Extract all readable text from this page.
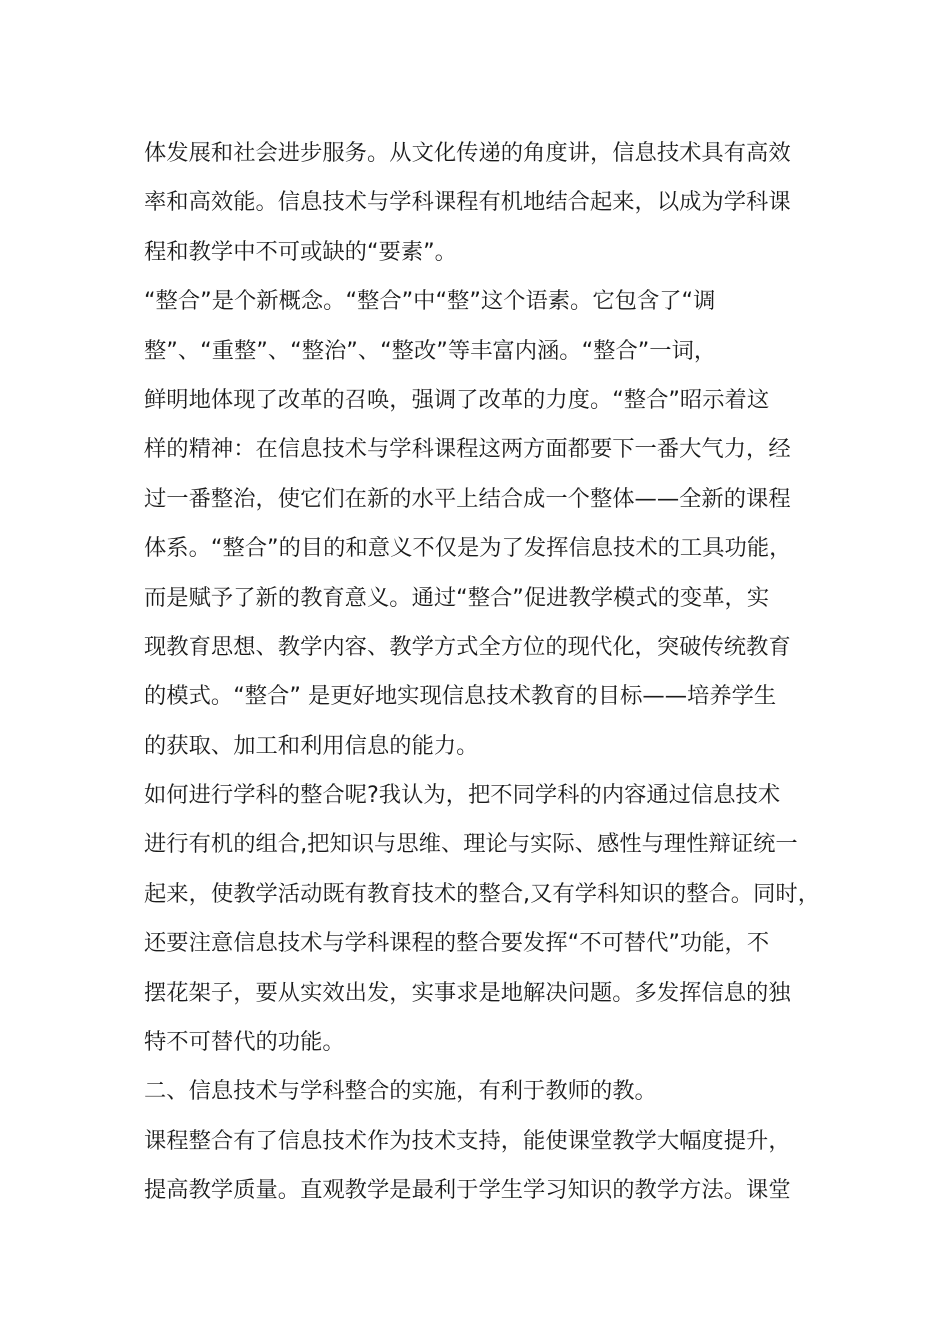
体发展和社会进步服务。从文化传递的角度讲，信息技术具有高效
率和高效能。信息技术与学科课程有机地结合起来，以成为学科课
程和教学中不可或缺的“要素”。
“整合”是个新概念。“整合”中“整”这个语素。它包含了“调
整”、“重整”、“整治”、“整改”等丰富内涵。“整合”一词，
鲜明地体现了改革的召唤，强调了改革的力度。“整合”昭示着这
样的精神：在信息技术与学科课程这两方面都要下一番大气力，经
过一番整治，使它们在新的水平上结合成一个整体——全新的课程
体系。“整合”的目的和意义不仅是为了发挥信息技术的工具功能，
而是赋予了新的教育意义。通过“整合”促进教学模式的变革，实
现教育思想、教学内容、教学方式全方位的现代化，突破传统教育
的模式。“整合” 是更好地实现信息技术教育的目标——培养学生
的获取、加工和利用信息的能力。
如何进行学科的整合呢?我认为，把不同学科的内容通过信息技术
进行有机的组合,把知识与思维、理论与实际、感性与理性辩证统一
起来，使教学活动既有教育技术的整合,又有学科知识的整合。同时，
还要注意信息技术与学科课程的整合要发挥“不可替代”功能，不
摆花架子，要从实效出发，实事求是地解决问题。多发挥信息的独
特不可替代的功能。
二、信息技术与学科整合的实施，有利于教师的教。
课程整合有了信息技术作为技术支持，能使课堂教学大幅度提升，
提高教学质量。直观教学是最利于学生学习知识的教学方法。课堂
